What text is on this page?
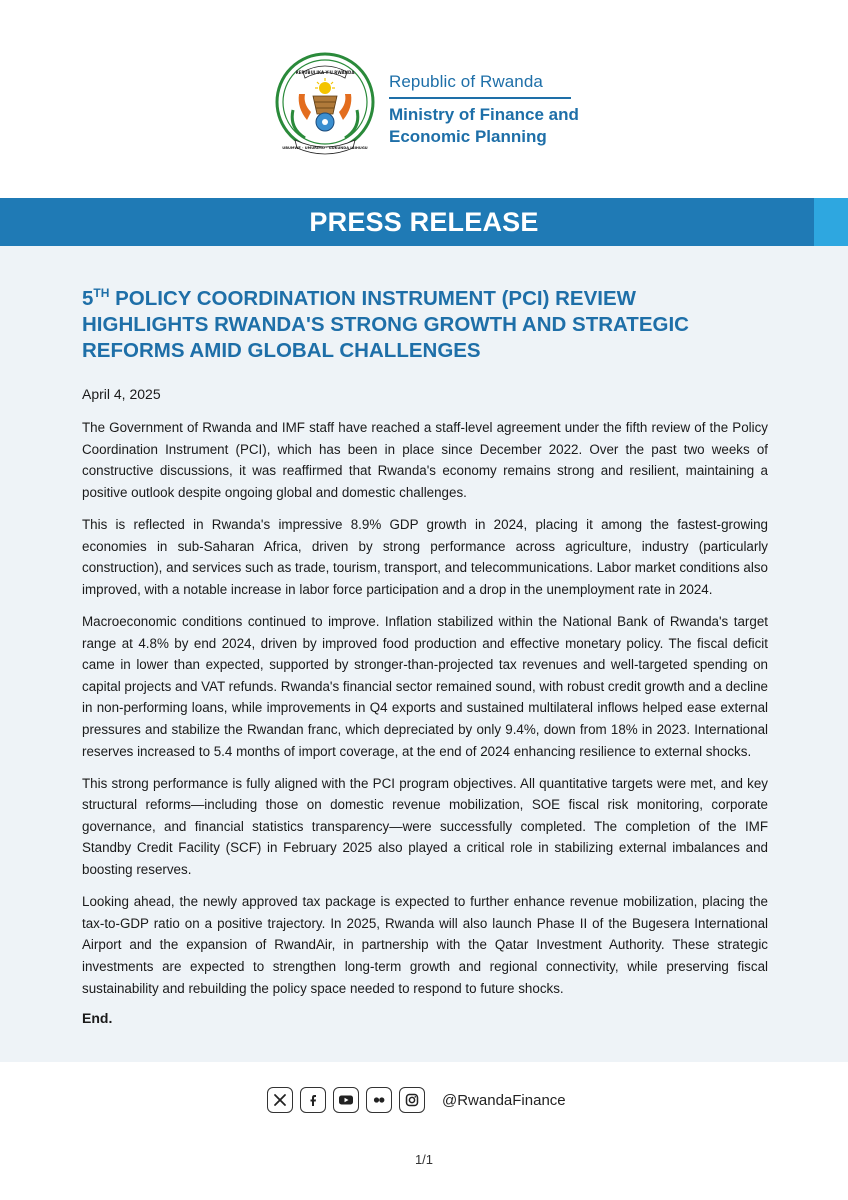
REPUBULIKA Y'U RWANDA
UBUMWE · UMURIMO · GUKUNDA IGIHUGU

Republic of Rwanda

Ministry of Finance and

Economic Planning

PRESS RELEASE
5TH POLICY COORDINATION INSTRUMENT (PCI) REVIEW
HIGHLIGHTS RWANDA'S STRONG GROWTH AND STRATEGIC
REFORMS AMID GLOBAL CHALLENGES

April 4, 2025

The Government of Rwanda and IMF staff have reached a staff-level agreement under the fifth review of the Policy Coordination Instrument (PCI), which has been in place since December 2022. Over the past two weeks of constructive discussions, it was reaffirmed that Rwanda's economy remains strong and resilient, maintaining a positive outlook despite ongoing global and domestic challenges.

This is reflected in Rwanda's impressive 8.9% GDP growth in 2024, placing it among the fastest-growing economies in sub-Saharan Africa, driven by strong performance across agriculture, industry (particularly construction), and services such as trade, tourism, transport, and telecommunications. Labor market conditions also improved, with a notable increase in labor force participation and a drop in the unemployment rate in 2024.

Macroeconomic conditions continued to improve. Inflation stabilized within the National Bank of Rwanda's target range at 4.8% by end 2024, driven by improved food production and effective monetary policy. The fiscal deficit came in lower than expected, supported by stronger-than-projected tax revenues and well-targeted spending on capital projects and VAT refunds. Rwanda's financial sector remained sound, with robust credit growth and a decline in non-performing loans, while improvements in Q4 exports and sustained multilateral inflows helped ease external pressures and stabilize the Rwandan franc, which depreciated by only 9.4%, down from 18% in 2023. International reserves increased to 5.4 months of import coverage, at the end of 2024 enhancing resilience to external shocks.

This strong performance is fully aligned with the PCI program objectives. All quantitative targets were met, and key structural reforms—including those on domestic revenue mobilization, SOE fiscal risk monitoring, corporate governance, and financial statistics transparency—were successfully completed. The completion of the IMF Standby Credit Facility (SCF) in February 2025 also played a critical role in stabilizing external imbalances and boosting reserves.

Looking ahead, the newly approved tax package is expected to further enhance revenue mobilization, placing the tax-to-GDP ratio on a positive trajectory. In 2025, Rwanda will also launch Phase II of the Bugesera International Airport and the expansion of RwandAir, in partnership with the Qatar Investment Authority. These strategic investments are expected to strengthen long-term growth and regional connectivity, while preserving fiscal sustainability and rebuilding the policy space needed to respond to future shocks.

End.

@RwandaFinance
1/1
